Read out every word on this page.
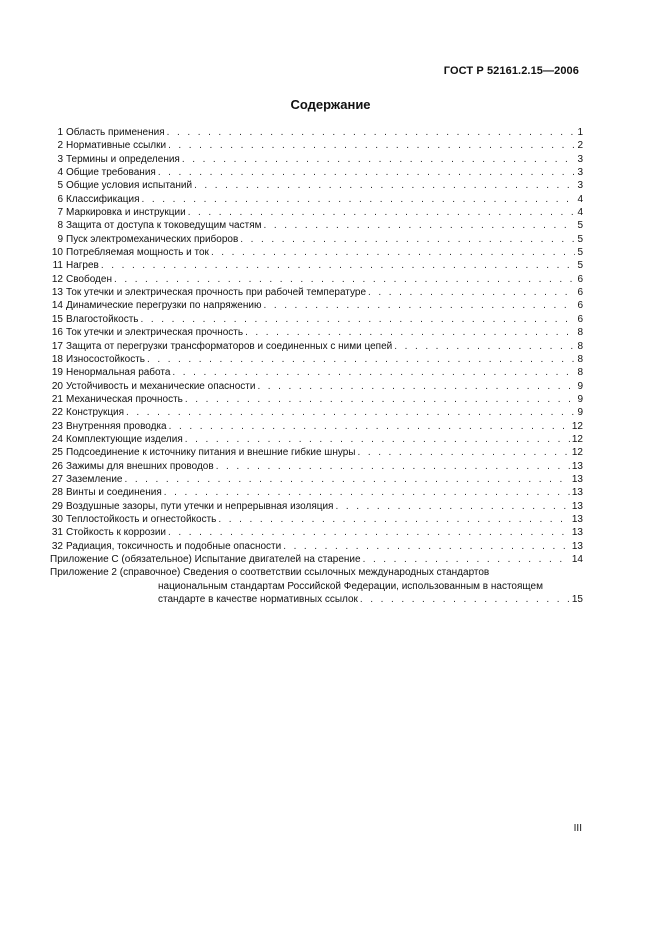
ГОСТ Р 52161.2.15—2006
Содержание
1 Область применения . . .	1
2 Нормативные ссылки . . .	2
3 Термины и определения . . .	3
4 Общие требования . . .	3
5 Общие условия испытаний . . .	3
6 Классификация . . .	4
7 Маркировка и инструкции . . .	4
8 Защита от доступа к токоведущим частям . . .	5
9 Пуск электромеханических приборов . . .	5
10 Потребляемая мощность и ток . . .	5
11 Нагрев . . .	5
12 Свободен . . .	6
13 Ток утечки и электрическая прочность при рабочей температуре . . .	6
14 Динамические перегрузки по напряжению . . .	6
15 Влагостойкость . . .	6
16 Ток утечки и электрическая прочность . . .	8
17 Защита от перегрузки трансформаторов и соединенных с ними цепей . . .	8
18 Износостойкость . . .	8
19 Ненормальная работа . . .	8
20 Устойчивость и механические опасности . . .	9
21 Механическая прочность . . .	9
22 Конструкция . . .	9
23 Внутренняя проводка . . .	12
24 Комплектующие изделия . . .	12
25 Подсоединение к источнику питания и внешние гибкие шнуры . . .	12
26 Зажимы для внешних проводов . . .	13
27 Заземление . . .	13
28 Винты и соединения . . .	13
29 Воздушные зазоры, пути утечки и непрерывная изоляция . . .	13
30 Теплостойкость и огнестойкость . . .	13
31 Стойкость к коррозии . . .	13
32 Радиация, токсичность и подобные опасности . . .	13
Приложение С (обязательное) Испытание двигателей на старение . . .	14
Приложение 2 (справочное) Сведения о соответствии ссылочных международных стандартов
национальным стандартам Российской Федерации, использованным в настоящем
стандарте в качестве нормативных ссылок . . .	15
III
